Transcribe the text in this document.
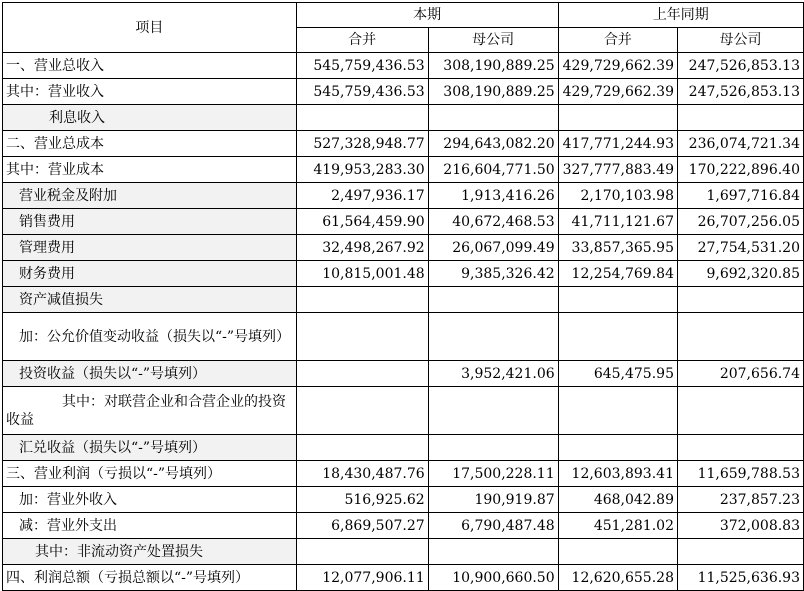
项目	本期		上年同期	
	合并	母公司	合并	母公司
一、营业总收入	545,759,436.53	308,190,889.25	429,729,662.39	247,526,853.13
其中：营业收入	545,759,436.53	308,190,889.25	429,729,662.39	247,526,853.13
利息收入				
二、营业总成本	527,328,948.77	294,643,082.20	417,771,244.93	236,074,721.34
其中：营业成本	419,953,283.30	216,604,771.50	327,777,883.49	170,222,896.40
营业税金及附加	2,497,936.17	1,913,416.26	2,170,103.98	1,697,716.84
销售费用	61,564,459.90	40,672,468.53	41,711,121.67	26,707,256.05
管理费用	32,498,267.92	26,067,099.49	33,857,365.95	27,754,531.20
财务费用	10,815,001.48	9,385,326.42	12,254,769.84	9,692,320.85
资产减值损失				
加：公允价值变动收益（损失以“-”号填列）				
投资收益（损失以“-”号填列）		3,952,421.06	645,475.95	207,656.74
其中：对联营企业和合营企业的投资收益				
汇兑收益（损失以“-”号填列）				
三、营业利润（亏损以“-”号填列）	18,430,487.76	17,500,228.11	12,603,893.41	11,659,788.53
加：营业外收入	516,925.62	190,919.87	468,042.89	237,857.23
减：营业外支出	6,869,507.27	6,790,487.48	451,281.02	372,008.83
其中：非流动资产处置损失				
四、利润总额（亏损总额以“-”号填列）	12,077,906.11	10,900,660.50	12,620,655.28	11,525,636.93
